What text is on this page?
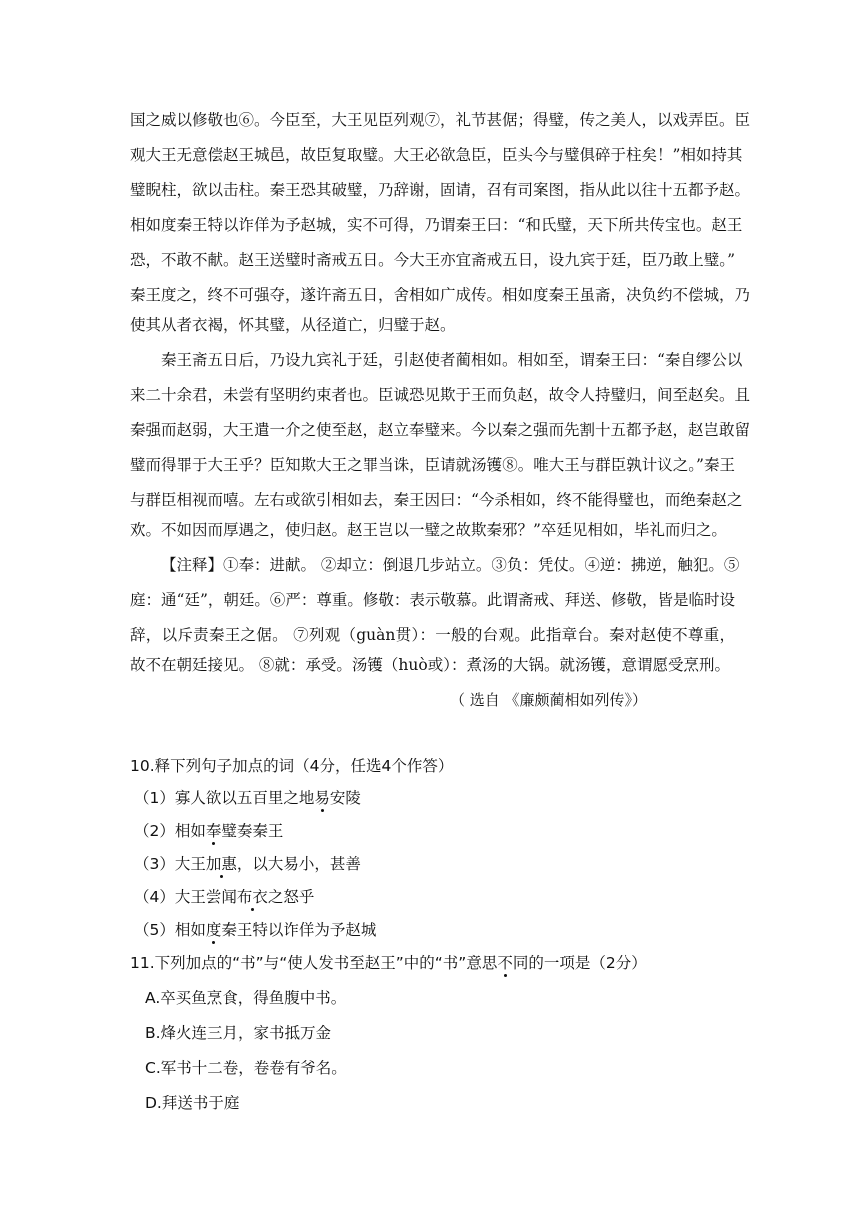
国之威以修敬也⑥。今臣至，大王见臣列观⑦，礼节甚倨；得璧，传之美人，以戏弄臣。臣
观大王无意偿赵王城邑，故臣复取璧。大王必欲急臣，臣头今与璧俱碎于柱矣！”相如持其
璧睨柱，欲以击柱。秦王恐其破璧，乃辞谢，固请，召有司案图，指从此以往十五都予赵。
相如度秦王特以诈佯为予赵城，实不可得，乃谓秦王曰：“和氏璧，天下所共传宝也。赵王
恐，不敢不献。赵王送璧时斋戒五日。今大王亦宜斋戒五日，设九宾于廷，臣乃敢上璧。”
秦王度之，终不可强夺，遂许斋五日，舍相如广成传。相如度秦王虽斋，决负约不偿城，乃
使其从者衣褐，怀其璧，从径道亡，归璧于赵。
秦王斋五日后，乃设九宾礼于廷，引赵使者蔺相如。相如至，谓秦王曰：“秦自缪公以
来二十余君，未尝有坚明约束者也。臣诚恐见欺于王而负赵，故令人持璧归，间至赵矣。且
秦强而赵弱，大王遣一介之使至赵，赵立奉璧来。今以秦之强而先割十五都予赵，赵岂敢留
璧而得罪于大王乎？臣知欺大王之罪当诛，臣请就汤镬⑧。唯大王与群臣孰计议之。”秦王
与群臣相视而嘻。左右或欲引相如去，秦王因曰：“今杀相如，终不能得璧也，而绝秦赵之
欢。不如因而厚遇之，使归赵。赵王岂以一璧之故欺秦邪？”卒廷见相如，毕礼而归之。
【注释】①奉：进献。 ②却立：倒退几步站立。③负：凭仗。④逆：拂逆，触犯。⑤
庭：通“廷”，朝廷。⑥严：尊重。修敬：表示敬慕。此谓斋戒、拜送、修敬，皆是临时设
辞，以斥责秦王之倨。 ⑦列观（guàn贯）：一般的台观。此指章台。秦对赵使不尊重，
故不在朝廷接见。 ⑧就：承受。汤镬（huò或）：煮汤的大锅。就汤镬，意谓愿受烹刑。
（ 选自 《廉颇蔺相如列传》）
10.释下列句子加点的词（4分，任选4个作答）
（1）寡人欲以五百里之地易安陵
（2）相如奉璧奏秦王
（3）大王加惠，以大易小，甚善
（4）大王尝闻布衣之怒乎
（5）相如度秦王特以诈佯为予赵城
11.下列加点的“书”与“使人发书至赵王”中的“书”意思不同的一项是（2分）
A.卒买鱼烹食，得鱼腹中书。
B.烽火连三月，家书抵万金
C.军书十二卷，卷卷有爷名。
D.拜送书于庭
